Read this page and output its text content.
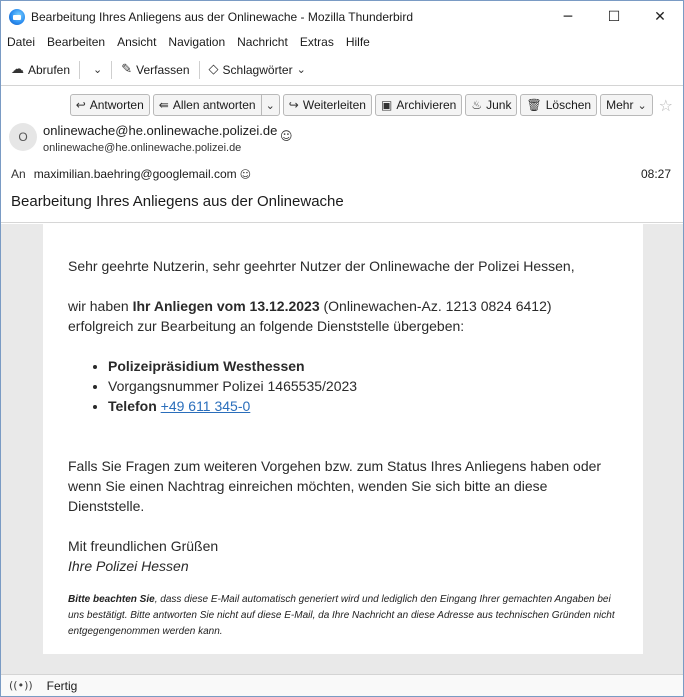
Bearbeitung Ihres Anliegens aus der Onlinewache - Mozilla Thunderbird	─	☐	✕
Datei Bearbeiten Ansicht Navigation Nachricht Extras Hilfe
☁ Abrufen ⌄ ✎ Verfassen ◇ Schlagwörter ⌄
↩ Antworten ⇚ Allen antworten ⌄ ↪ Weiterleiten ▣ Archivieren ♨ Junk 🗑 Löschen Mehr ⌄ ☆
O	onlinewache@he.onlinewache.polizei.de ☺
onlinewache@he.onlinewache.polizei.de
An maximilian.baehring@googlemail.com ☺	08:27
Bearbeitung Ihres Anliegens aus der Onlinewache

Sehr geehrte Nutzerin, sehr geehrter Nutzer der Onlinewache der Polizei Hessen,

wir haben Ihr Anliegen vom 13.12.2023 (Onlinewachen-Az. 1213 0824 6412) erfolgreich zur Bearbeitung an folgende Dienststelle übergeben:

• Polizeipräsidium Westhessen
• Vorgangsnummer Polizei 1465535/2023
• Telefon +49 611 345-0

Falls Sie Fragen zum weiteren Vorgehen bzw. zum Status Ihres Anliegens haben oder wenn Sie einen Nachtrag einreichen möchten, wenden Sie sich bitte an diese Dienststelle.

Mit freundlichen Grüßen
Ihre Polizei Hessen
Bitte beachten Sie, dass diese E-Mail automatisch generiert wird und lediglich den Eingang Ihrer gemachten Angaben bei uns bestätigt. Bitte antworten Sie nicht auf diese E-Mail, da Ihre Nachricht an diese Adresse aus technischen Gründen nicht entgegengenommen werden kann.
((•)) Fertig
